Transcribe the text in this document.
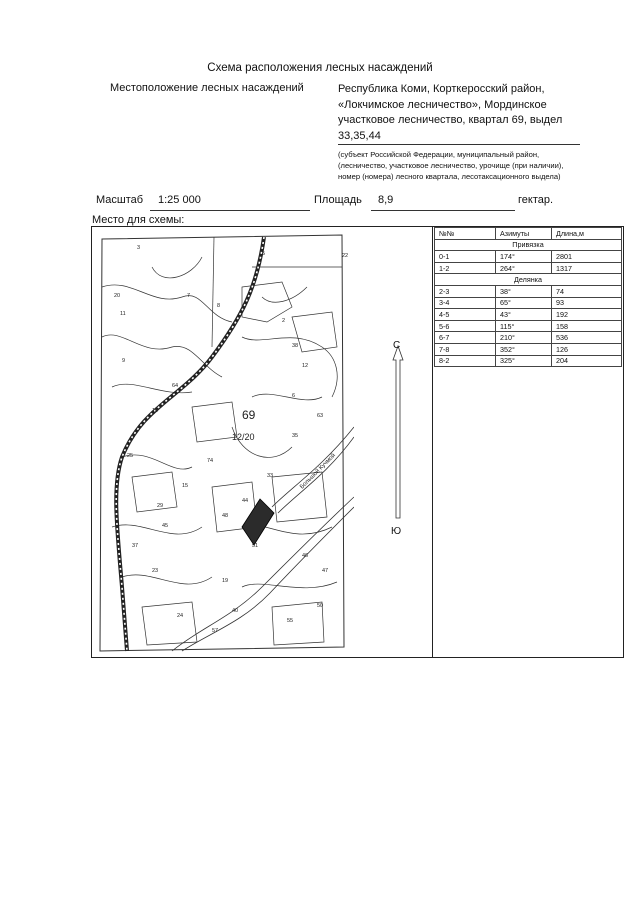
Схема расположения лесных насаждений
Местоположение лесных насаждений	Республика Коми, Корткеросский район,
«Локчимское лесничество», Мординское
участковое лесничество, квартал 69, выдел
33,35,44
(субъект Российской Федерации, муниципальный район,
(лесничество, участковое лесничество, урочище (при наличии),
номер (номера) лесного квартала, лесотаксационного выдела)
Масштаб 1:25 000	Площадь 8,9	гектар.
Место для схемы:
69
12/20
Большой Кучмой
3
5
20	7
11
8
2
9
12
6
10
1
25
35
33
44
48
51
45
46
47
50
55
57
40
23
37
38
63
64
74
15
29
19
24
22
С
Ю
№№	Азимуты	Длина,м
Привязка		
0-1	174°	2801
1-2	264°	1317
Делянка		
2-3	38°	74
3-4	65°	93
4-5	43°	192
5-6	115°	158
6-7	210°	536
7-8	352°	126
8-2	325°	204
